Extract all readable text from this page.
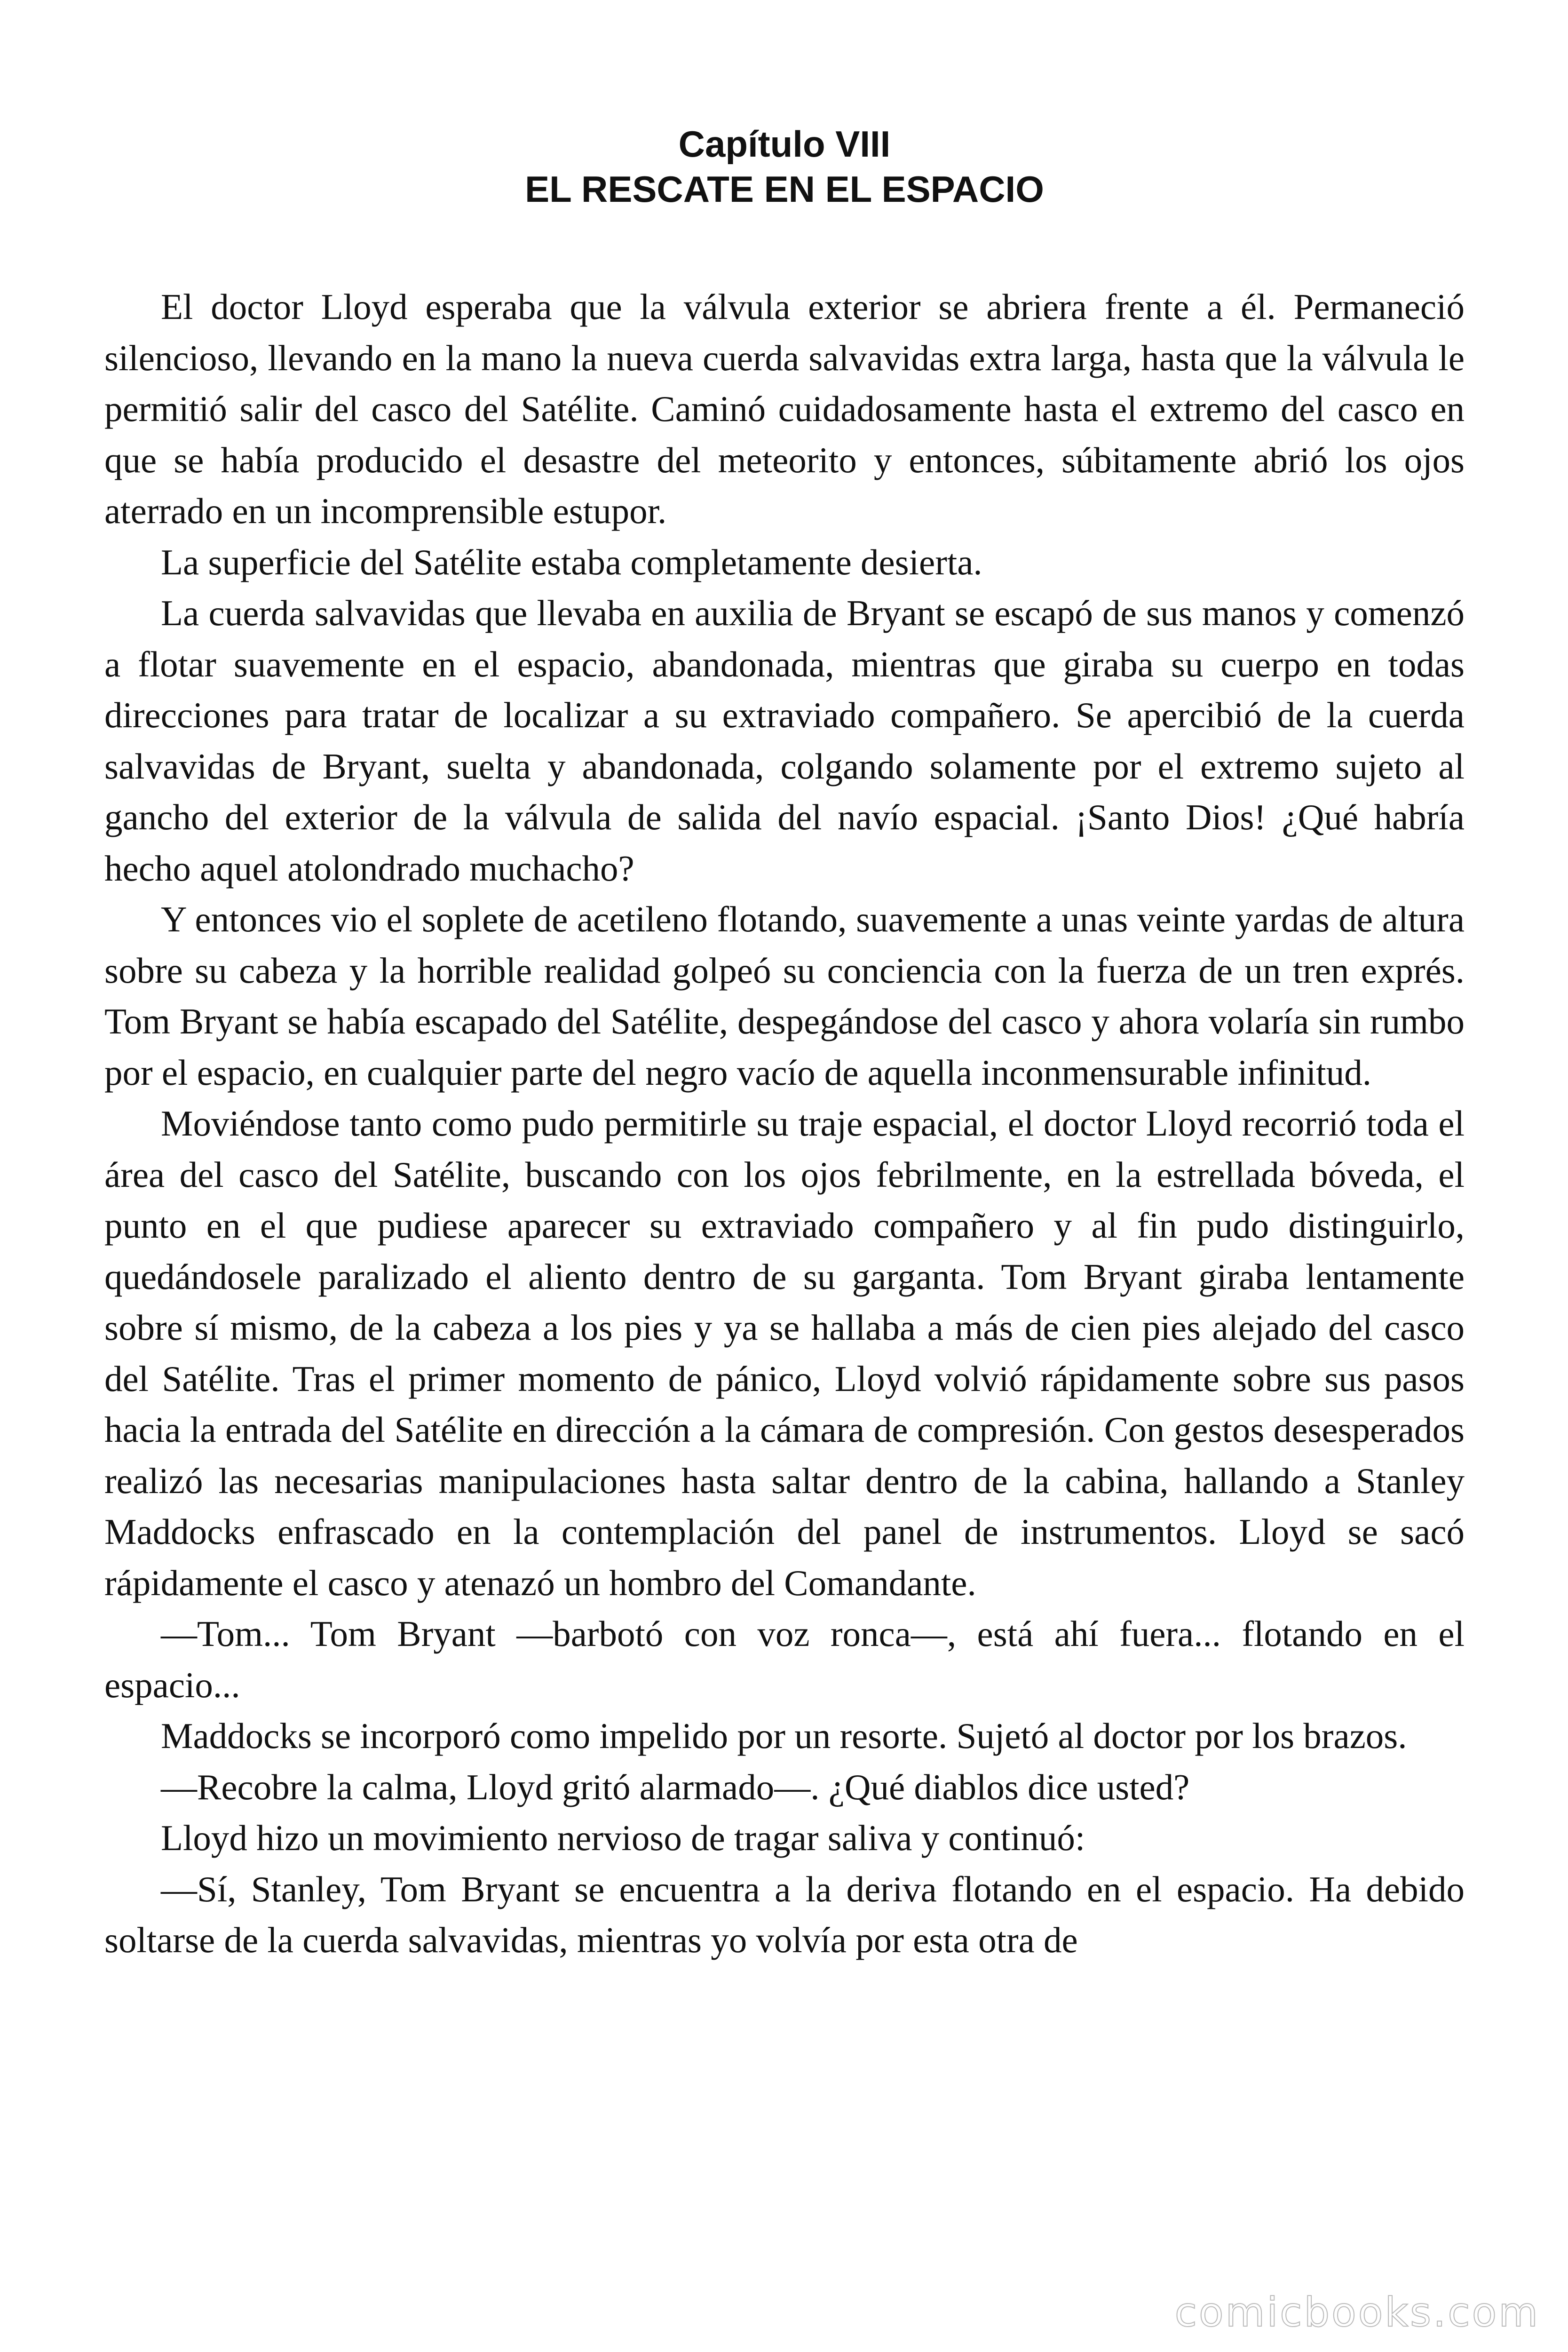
Capítulo VIII
EL RESCATE EN EL ESPACIO

El doctor Lloyd esperaba que la válvula exterior se abriera frente a él. Permaneció silencioso, llevando en la mano la nueva cuerda salvavidas extra larga, hasta que la válvula le permitió salir del casco del Satélite. Caminó cuidadosamente hasta el extremo del casco en que se había producido el desastre del meteorito y entonces, súbitamente abrió los ojos aterrado en un incomprensible estupor.

La superficie del Satélite estaba completamente desierta.

La cuerda salvavidas que llevaba en auxilia de Bryant se escapó de sus manos y comenzó a flotar suavemente en el espacio, abandonada, mientras que giraba su cuerpo en todas direcciones para tratar de localizar a su extraviado compañero. Se apercibió de la cuerda salvavidas de Bryant, suelta y abandonada, colgando solamente por el extremo sujeto al gancho del exterior de la válvula de salida del navío espacial. ¡Santo Dios! ¿Qué habría hecho aquel atolondrado muchacho?

Y entonces vio el soplete de acetileno flotando, suavemente a unas veinte yardas de altura sobre su cabeza y la horrible realidad golpeó su conciencia con la fuerza de un tren exprés. Tom Bryant se había escapado del Satélite, despegándose del casco y ahora volaría sin rumbo por el espacio, en cualquier parte del negro vacío de aquella inconmensurable infinitud.

Moviéndose tanto como pudo permitirle su traje espacial, el doctor Lloyd recorrió toda el área del casco del Satélite, buscando con los ojos febrilmente, en la estrellada bóveda, el punto en el que pudiese aparecer su extraviado compañero y al fin pudo distinguirlo, quedándosele paralizado el aliento dentro de su garganta. Tom Bryant giraba lentamente sobre sí mismo, de la cabeza a los pies y ya se hallaba a más de cien pies alejado del casco del Satélite. Tras el primer momento de pánico, Lloyd volvió rápidamente sobre sus pasos hacia la entrada del Satélite en dirección a la cámara de compresión. Con gestos desesperados realizó las necesarias manipulaciones hasta saltar dentro de la cabina, hallando a Stanley Maddocks enfrascado en la contemplación del panel de instrumentos. Lloyd se sacó rápidamente el casco y atenazó un hombro del Comandante.

—Tom... Tom Bryant —barbotó con voz ronca—, está ahí fuera... flotando en el espacio...

Maddocks se incorporó como impelido por un resorte. Sujetó al doctor por los brazos.

—Recobre la calma, Lloyd gritó alarmado—. ¿Qué diablos dice usted?

Lloyd hizo un movimiento nervioso de tragar saliva y continuó:

—Sí, Stanley, Tom Bryant se encuentra a la deriva flotando en el espacio. Ha debido soltarse de la cuerda salvavidas, mientras yo volvía por esta otra de

comicbooks.com
